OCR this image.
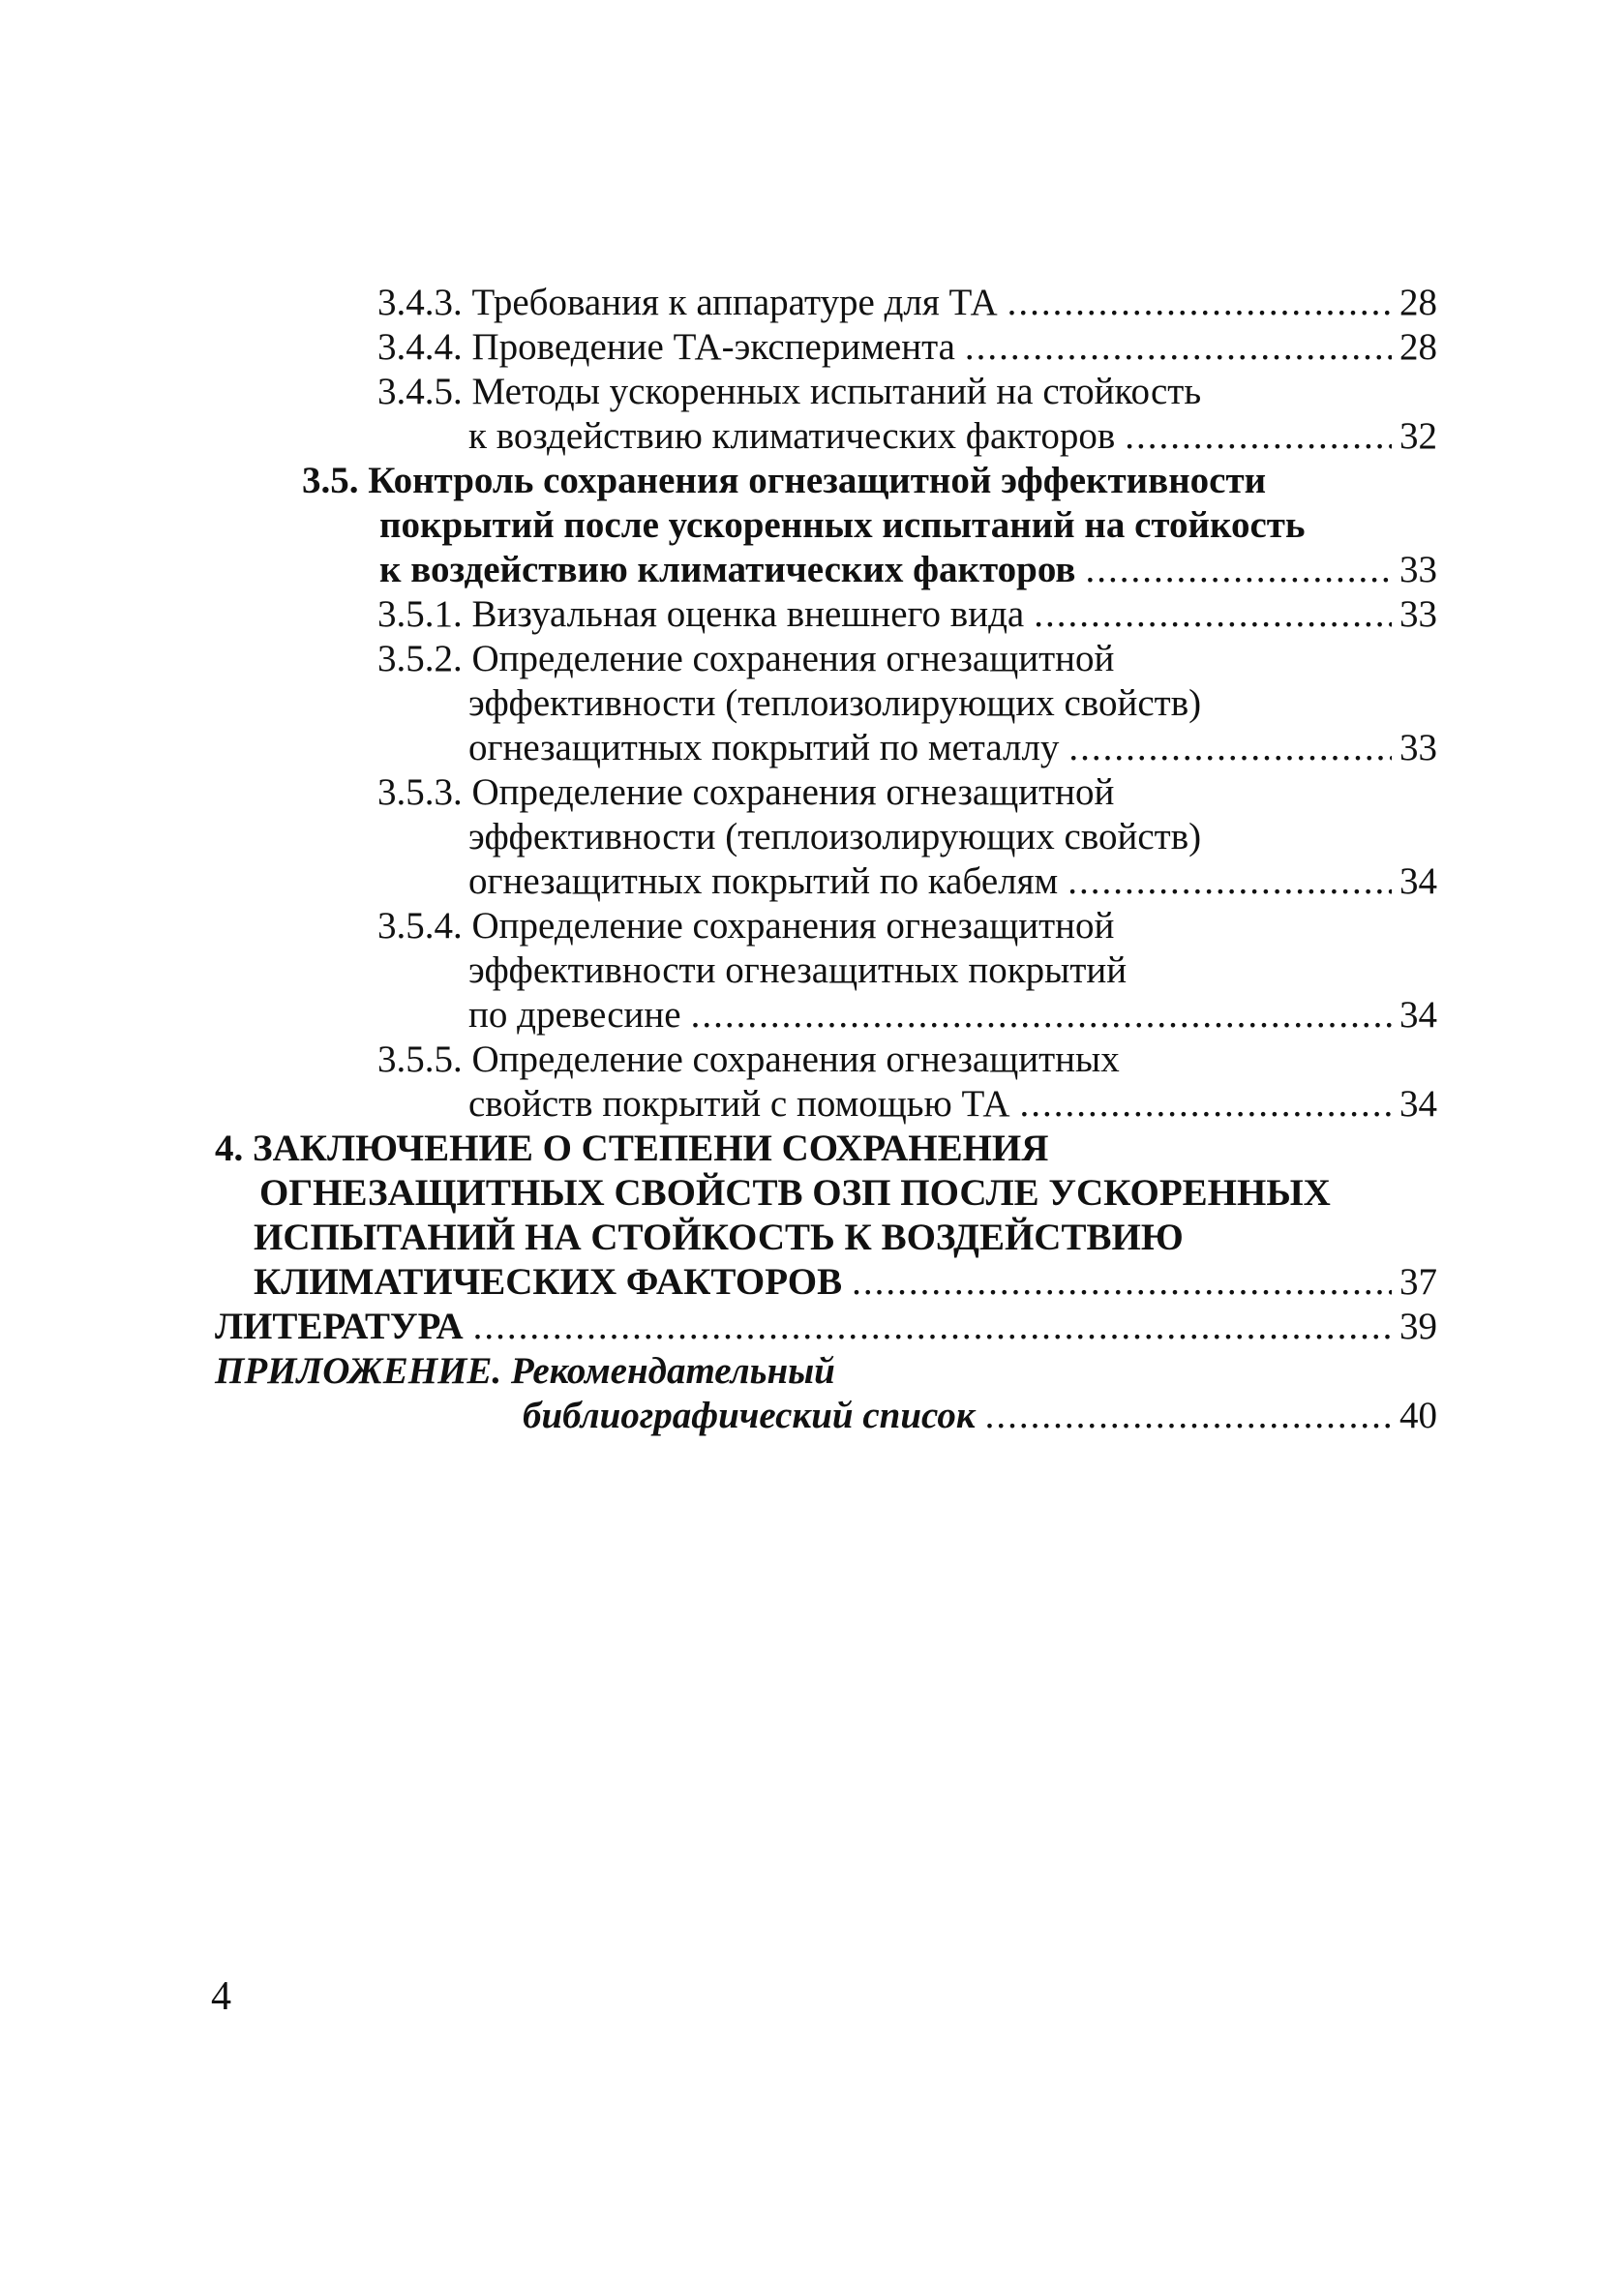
3.4.3. Требования к аппаратуре для ТА .....	28
3.4.4. Проведение ТА-эксперимента .....	28
3.4.5. Методы ускоренных испытаний на стойкость
к воздействию климатических факторов .....	32
3.5. Контроль сохранения огнезащитной эффективности
покрытий после ускоренных испытаний на стойкость
к воздействию климатических факторов .....	33
3.5.1. Визуальная оценка внешнего вида .....	33
3.5.2. Определение сохранения огнезащитной
эффективности (теплоизолирующих свойств)
огнезащитных покрытий по металлу .....	33
3.5.3. Определение сохранения огнезащитной
эффективности (теплоизолирующих свойств)
огнезащитных покрытий по кабелям .....	34
3.5.4. Определение сохранения огнезащитной
эффективности огнезащитных покрытий
по древесине .....	34
3.5.5. Определение сохранения огнезащитных
свойств покрытий с помощью ТА .....	34
4. ЗАКЛЮЧЕНИЕ О СТЕПЕНИ СОХРАНЕНИЯ
ОГНЕЗАЩИТНЫХ СВОЙСТВ ОЗП ПОСЛЕ УСКОРЕННЫХ
ИСПЫТАНИЙ НА СТОЙКОСТЬ К ВОЗДЕЙСТВИЮ
КЛИМАТИЧЕСКИХ ФАКТОРОВ .....	37
ЛИТЕРАТУРА .....	39
ПРИЛОЖЕНИЕ. Рекомендательный
библиографический список .....	40
4
